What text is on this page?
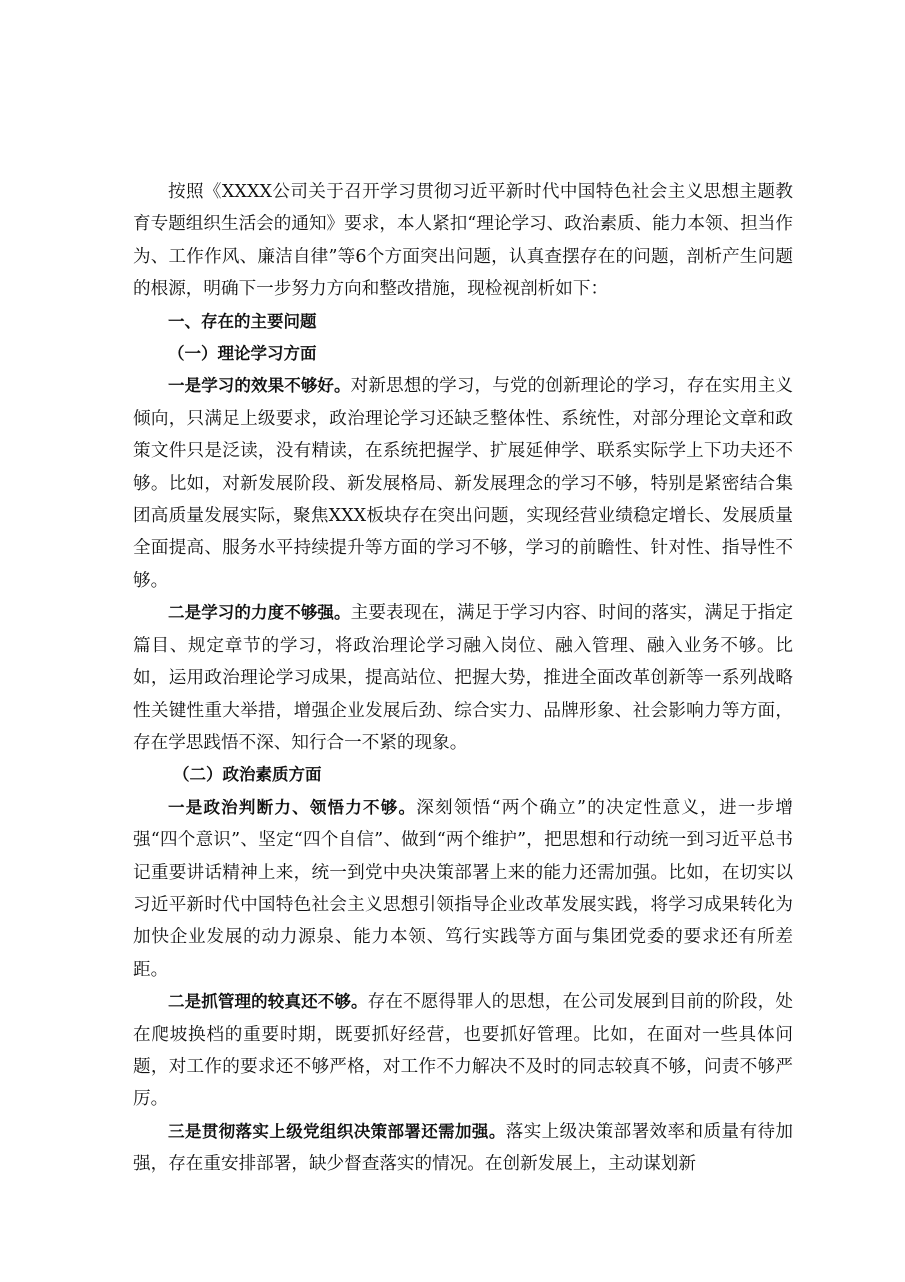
按照《XXXX公司关于召开学习贯彻习近平新时代中国特色社会主义思想主题教育专题组织生活会的通知》要求，本人紧扣“理论学习、政治素质、能力本领、担当作为、工作作风、廉洁自律”等6个方面突出问题，认真查摆存在的问题，剖析产生问题的根源，明确下一步努力方向和整改措施，现检视剖析如下：

一、存在的主要问题

（一）理论学习方面

一是学习的效果不够好。对新思想的学习，与党的创新理论的学习，存在实用主义倾向，只满足上级要求，政治理论学习还缺乏整体性、系统性，对部分理论文章和政策文件只是泛读，没有精读，在系统把握学、扩展延伸学、联系实际学上下功夫还不够。比如，对新发展阶段、新发展格局、新发展理念的学习不够，特别是紧密结合集团高质量发展实际，聚焦XXX板块存在突出问题，实现经营业绩稳定增长、发展质量全面提高、服务水平持续提升等方面的学习不够，学习的前瞻性、针对性、指导性不够。

二是学习的力度不够强。主要表现在，满足于学习内容、时间的落实，满足于指定篇目、规定章节的学习，将政治理论学习融入岗位、融入管理、融入业务不够。比如，运用政治理论学习成果，提高站位、把握大势，推进全面改革创新等一系列战略性关键性重大举措，增强企业发展后劲、综合实力、品牌形象、社会影响力等方面，存在学思践悟不深、知行合一不紧的现象。

（二）政治素质方面

一是政治判断力、领悟力不够。深刻领悟“两个确立”的决定性意义，进一步增强“四个意识”、坚定“四个自信”、做到“两个维护”，把思想和行动统一到习近平总书记重要讲话精神上来，统一到党中央决策部署上来的能力还需加强。比如，在切实以习近平新时代中国特色社会主义思想引领指导企业改革发展实践，将学习成果转化为加快企业发展的动力源泉、能力本领、笃行实践等方面与集团党委的要求还有所差距。

二是抓管理的较真还不够。存在不愿得罪人的思想，在公司发展到目前的阶段，处在爬坡换档的重要时期，既要抓好经营，也要抓好管理。比如，在面对一些具体问题，对工作的要求还不够严格，对工作不力解决不及时的同志较真不够，问责不够严厉。

三是贯彻落实上级党组织决策部署还需加强。落实上级决策部署效率和质量有待加强，存在重安排部署，缺少督查落实的情况。在创新发展上，主动谋划新
